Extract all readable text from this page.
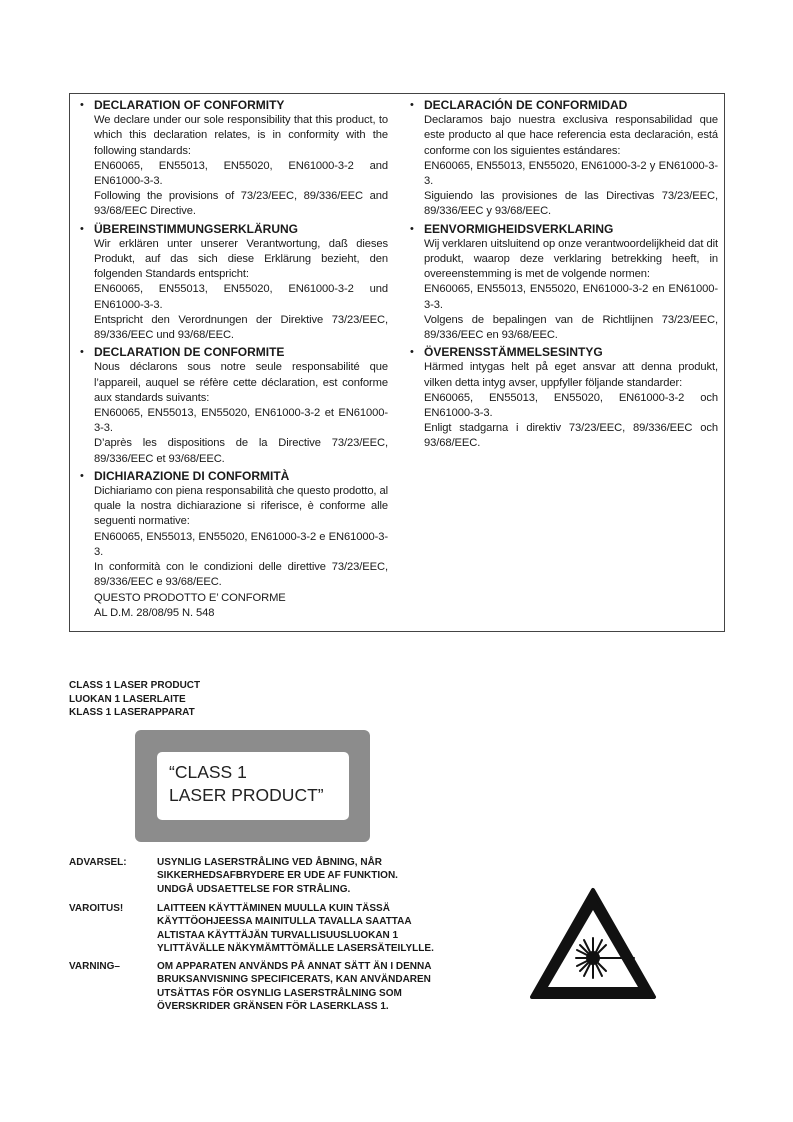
• DECLARATION OF CONFORMITY
We declare under our sole responsibility that this product, to which this declaration relates, is in conformity with the following standards:
EN60065, EN55013, EN55020, EN61000-3-2 and EN61000-3-3.
Following the provisions of 73/23/EEC, 89/336/EEC and 93/68/EEC Directive.
• ÜBEREINSTIMMUNGSERKLÄRUNG
Wir erklären unter unserer Verantwortung, daß dieses Produkt, auf das sich diese Erklärung bezieht, den folgenden Standards entspricht:
EN60065, EN55013, EN55020, EN61000-3-2 und EN61000-3-3.
Entspricht den Verordnungen der Direktive 73/23/EEC, 89/336/EEC und 93/68/EEC.
• DECLARATION DE CONFORMITE
Nous déclarons sous notre seule responsabilité que l’appareil, auquel se réfère cette déclaration, est conforme aux standards suivants:
EN60065, EN55013, EN55020, EN61000-3-2 et EN61000-3-3.
D’après les dispositions de la Directive 73/23/EEC, 89/336/EEC et 93/68/EEC.
• DICHIARAZIONE DI CONFORMITÀ
Dichiariamo con piena responsabilità che questo prodotto, al quale la nostra dichiarazione si riferisce, è conforme alle seguenti normative:
EN60065, EN55013, EN55020, EN61000-3-2 e EN61000-3-3.
In conformità con le condizioni delle direttive 73/23/EEC, 89/336/EEC e 93/68/EEC.
QUESTO PRODOTTO E’ CONFORME
AL D.M. 28/08/95 N. 548
• DECLARACIÓN DE CONFORMIDAD
Declaramos bajo nuestra exclusiva responsabilidad que este producto al que hace referencia esta declaración, está conforme con los siguientes estándares:
EN60065, EN55013, EN55020, EN61000-3-2 y EN61000-3-3.
Siguiendo las provisiones de las Directivas 73/23/EEC, 89/336/EEC y 93/68/EEC.
• EENVORMIGHEIDSVERKLARING
Wij verklaren uitsluitend op onze verantwoordelijkheid dat dit produkt, waarop deze verklaring betrekking heeft, in overeenstemming is met de volgende normen:
EN60065, EN55013, EN55020, EN61000-3-2 en EN61000-3-3.
Volgens de bepalingen van de Richtlijnen 73/23/EEC, 89/336/EEC en 93/68/EEC.
• ÖVERENSSTÄMMELSESINTYG
Härmed intygas helt på eget ansvar att denna produkt, vilken detta intyg avser, uppfyller följande standarder:
EN60065, EN55013, EN55020, EN61000-3-2 och EN61000-3-3.
Enligt stadgarna i direktiv 73/23/EEC, 89/336/EEC och 93/68/EEC.
CLASS 1 LASER PRODUCT
LUOKAN 1 LASERLAITE
KLASS 1 LASERAPPARAT
“CLASS 1
LASER PRODUCT”
ADVARSEL:	USYNLIG LASERSTRÅLING VED ÅBNING, NÅR
SIKKERHEDSAFBRYDERE ER UDE AF FUNKTION.
UNDGÅ UDSAETTELSE FOR STRÅLING.
VAROITUS!	LAITTEEN KÄYTTÄMINEN MUULLA KUIN TÄSSÄ
KÄYTTÖOHJEESSA MAINITULLA TAVALLA SAATTAA
ALTISTAA KÄYTTÄJÄN TURVALLISUUSLUOKAN 1
YLITTÄVÄLLE NÄKYMÄMTTÖMÄLLE LASERSÄTEILYLLE.
VARNING–	OM APPARATEN ANVÄNDS PÅ ANNAT SÄTT ÄN I DENNA
BRUKSANVISNING SPECIFICERATS, KAN ANVÄNDAREN
UTSÄTTAS FÖR OSYNLIG LASERSTRÅLNING SOM
ÖVERSKRIDER GRÄNSEN FÖR LASERKLASS 1.
